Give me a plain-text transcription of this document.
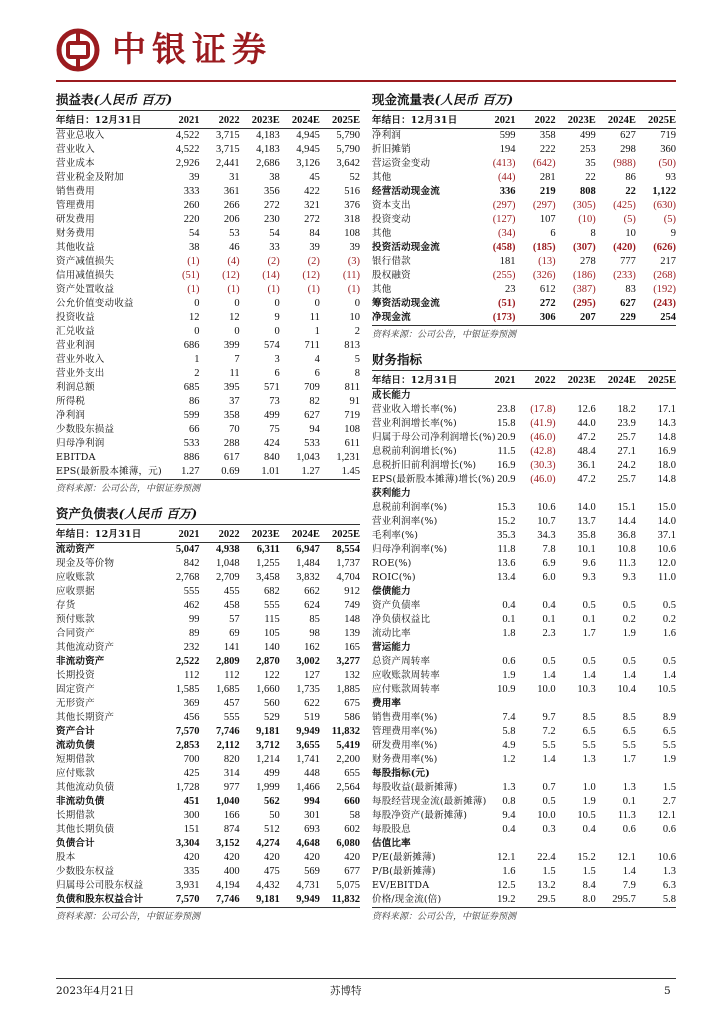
中银证券
损益表(人民币 百万)
年结日：12月31日	2021	2022	2023E	2024E	2025E
营业总收入	4,522	3,715	4,183	4,945	5,790
营业收入	4,522	3,715	4,183	4,945	5,790
营业成本	2,926	2,441	2,686	3,126	3,642
营业税金及附加	39	31	38	45	52
销售费用	333	361	356	422	516
管理费用	260	266	272	321	376
研发费用	220	206	230	272	318
财务费用	54	53	54	84	108
其他收益	38	46	33	39	39
资产减值损失	(1)	(4)	(2)	(2)	(3)
信用减值损失	(51)	(12)	(14)	(12)	(11)
资产处置收益	(1)	(1)	(1)	(1)	(1)
公允价值变动收益	0	0	0	0	0
投资收益	12	12	9	11	10
汇兑收益	0	0	0	1	2
营业利润	686	399	574	711	813
营业外收入	1	7	3	4	5
营业外支出	2	11	6	6	8
利润总额	685	395	571	709	811
所得税	86	37	73	82	91
净利润	599	358	499	627	719
少数股东损益	66	70	75	94	108
归母净利润	533	288	424	533	611
EBITDA	886	617	840	1,043	1,231
EPS(最新股本摊薄，元)	1.27	0.69	1.01	1.27	1.45
资料来源：公司公告，中银证券预测
资产负债表(人民币 百万)
年结日：12月31日	2021	2022	2023E	2024E	2025E
流动资产	5,047	4,938	6,311	6,947	8,554
现金及等价物	842	1,048	1,255	1,484	1,737
应收账款	2,768	2,709	3,458	3,832	4,704
应收票据	555	455	682	662	912
存货	462	458	555	624	749
预付账款	99	57	115	85	148
合同资产	89	69	105	98	139
其他流动资产	232	141	140	162	165
非流动资产	2,522	2,809	2,870	3,002	3,277
长期投资	112	112	122	127	132
固定资产	1,585	1,685	1,660	1,735	1,885
无形资产	369	457	560	622	675
其他长期资产	456	555	529	519	586
资产合计	7,570	7,746	9,181	9,949	11,832
流动负债	2,853	2,112	3,712	3,655	5,419
短期借款	700	820	1,214	1,741	2,200
应付账款	425	314	499	448	655
其他流动负债	1,728	977	1,999	1,466	2,564
非流动负债	451	1,040	562	994	660
长期借款	300	166	50	301	58
其他长期负债	151	874	512	693	602
负债合计	3,304	3,152	4,274	4,648	6,080
股本	420	420	420	420	420
少数股东权益	335	400	475	569	677
归属母公司股东权益	3,931	4,194	4,432	4,731	5,075
负债和股东权益合计	7,570	7,746	9,181	9,949	11,832
资料来源：公司公告，中银证券预测
现金流量表(人民币 百万)
年结日：12月31日	2021	2022	2023E	2024E	2025E
净利润	599	358	499	627	719
折旧摊销	194	222	253	298	360
营运资金变动	(413)	(642)	35	(988)	(50)
其他	(44)	281	22	86	93
经营活动现金流	336	219	808	22	1,122
资本支出	(297)	(297)	(305)	(425)	(630)
投资变动	(127)	107	(10)	(5)	(5)
其他	(34)	6	8	10	9
投资活动现金流	(458)	(185)	(307)	(420)	(626)
银行借款	181	(13)	278	777	217
股权融资	(255)	(326)	(186)	(233)	(268)
其他	23	612	(387)	83	(192)
筹资活动现金流	(51)	272	(295)	627	(243)
净现金流	(173)	306	207	229	254
资料来源：公司公告，中银证券预测
财务指标
年结日：12月31日	2021	2022	2023E	2024E	2025E
成长能力					
营业收入增长率(%)	23.8	(17.8)	12.6	18.2	17.1
营业利润增长率(%)	15.8	(41.9)	44.0	23.9	14.3
归属于母公司净利润增长(%)	20.9	(46.0)	47.2	25.7	14.8
息税前利润增长(%)	11.5	(42.8)	48.4	27.1	16.9
息税折旧前利润增长(%)	16.9	(30.3)	36.1	24.2	18.0
EPS(最新股本摊薄)增长(%)	20.9	(46.0)	47.2	25.7	14.8
获利能力					
息税前利润率(%)	15.3	10.6	14.0	15.1	15.0
营业利润率(%)	15.2	10.7	13.7	14.4	14.0
毛利率(%)	35.3	34.3	35.8	36.8	37.1
归母净利润率(%)	11.8	7.8	10.1	10.8	10.6
ROE(%)	13.6	6.9	9.6	11.3	12.0
ROIC(%)	13.4	6.0	9.3	9.3	11.0
偿债能力					
资产负债率	0.4	0.4	0.5	0.5	0.5
净负债权益比	0.1	0.1	0.1	0.2	0.2
流动比率	1.8	2.3	1.7	1.9	1.6
营运能力					
总资产周转率	0.6	0.5	0.5	0.5	0.5
应收账款周转率	1.9	1.4	1.4	1.4	1.4
应付账款周转率	10.9	10.0	10.3	10.4	10.5
费用率					
销售费用率(%)	7.4	9.7	8.5	8.5	8.9
管理费用率(%)	5.8	7.2	6.5	6.5	6.5
研发费用率(%)	4.9	5.5	5.5	5.5	5.5
财务费用率(%)	1.2	1.4	1.3	1.7	1.9
每股指标(元)					
每股收益(最新摊薄)	1.3	0.7	1.0	1.3	1.5
每股经营现金流(最新摊薄)	0.8	0.5	1.9	0.1	2.7
每股净资产(最新摊薄)	9.4	10.0	10.5	11.3	12.1
每股股息	0.4	0.3	0.4	0.6	0.6
估值比率					
P/E(最新摊薄)	12.1	22.4	15.2	12.1	10.6
P/B(最新摊薄)	1.6	1.5	1.5	1.4	1.3
EV/EBITDA	12.5	13.2	8.4	7.9	6.3
价格/现金流(倍)	19.2	29.5	8.0	295.7	5.8
资料来源：公司公告，中银证券预测
2023年4月21日	苏博特	5
